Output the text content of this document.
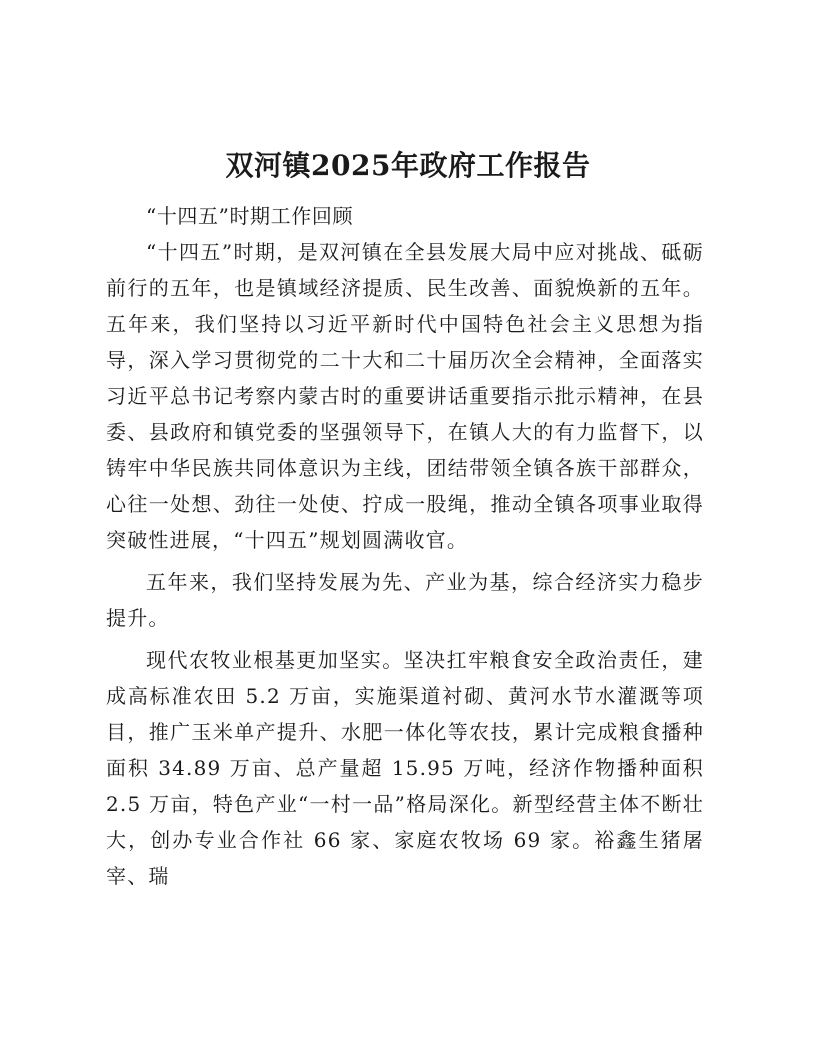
双河镇2025年政府工作报告

“十四五”时期工作回顾

“十四五”时期，是双河镇在全县发展大局中应对挑战、砥砺前行的五年，也是镇域经济提质、民生改善、面貌焕新的五年。五年来，我们坚持以习近平新时代中国特色社会主义思想为指导，深入学习贯彻党的二十大和二十届历次全会精神，全面落实习近平总书记考察内蒙古时的重要讲话重要指示批示精神，在县委、县政府和镇党委的坚强领导下，在镇人大的有力监督下，以铸牢中华民族共同体意识为主线，团结带领全镇各族干部群众，心往一处想、劲往一处使、拧成一股绳，推动全镇各项事业取得突破性进展，“十四五”规划圆满收官。

五年来，我们坚持发展为先、产业为基，综合经济实力稳步提升。

现代农牧业根基更加坚实。坚决扛牢粮食安全政治责任，建成高标准农田 5.2 万亩，实施渠道衬砌、黄河水节水灌溉等项目，推广玉米单产提升、水肥一体化等农技，累计完成粮食播种面积 34.89 万亩、总产量超 15.95 万吨，经济作物播种面积 2.5 万亩，特色产业“一村一品”格局深化。新型经营主体不断壮大，创办专业合作社 66 家、家庭农牧场 69 家。裕鑫生猪屠宰、瑞
